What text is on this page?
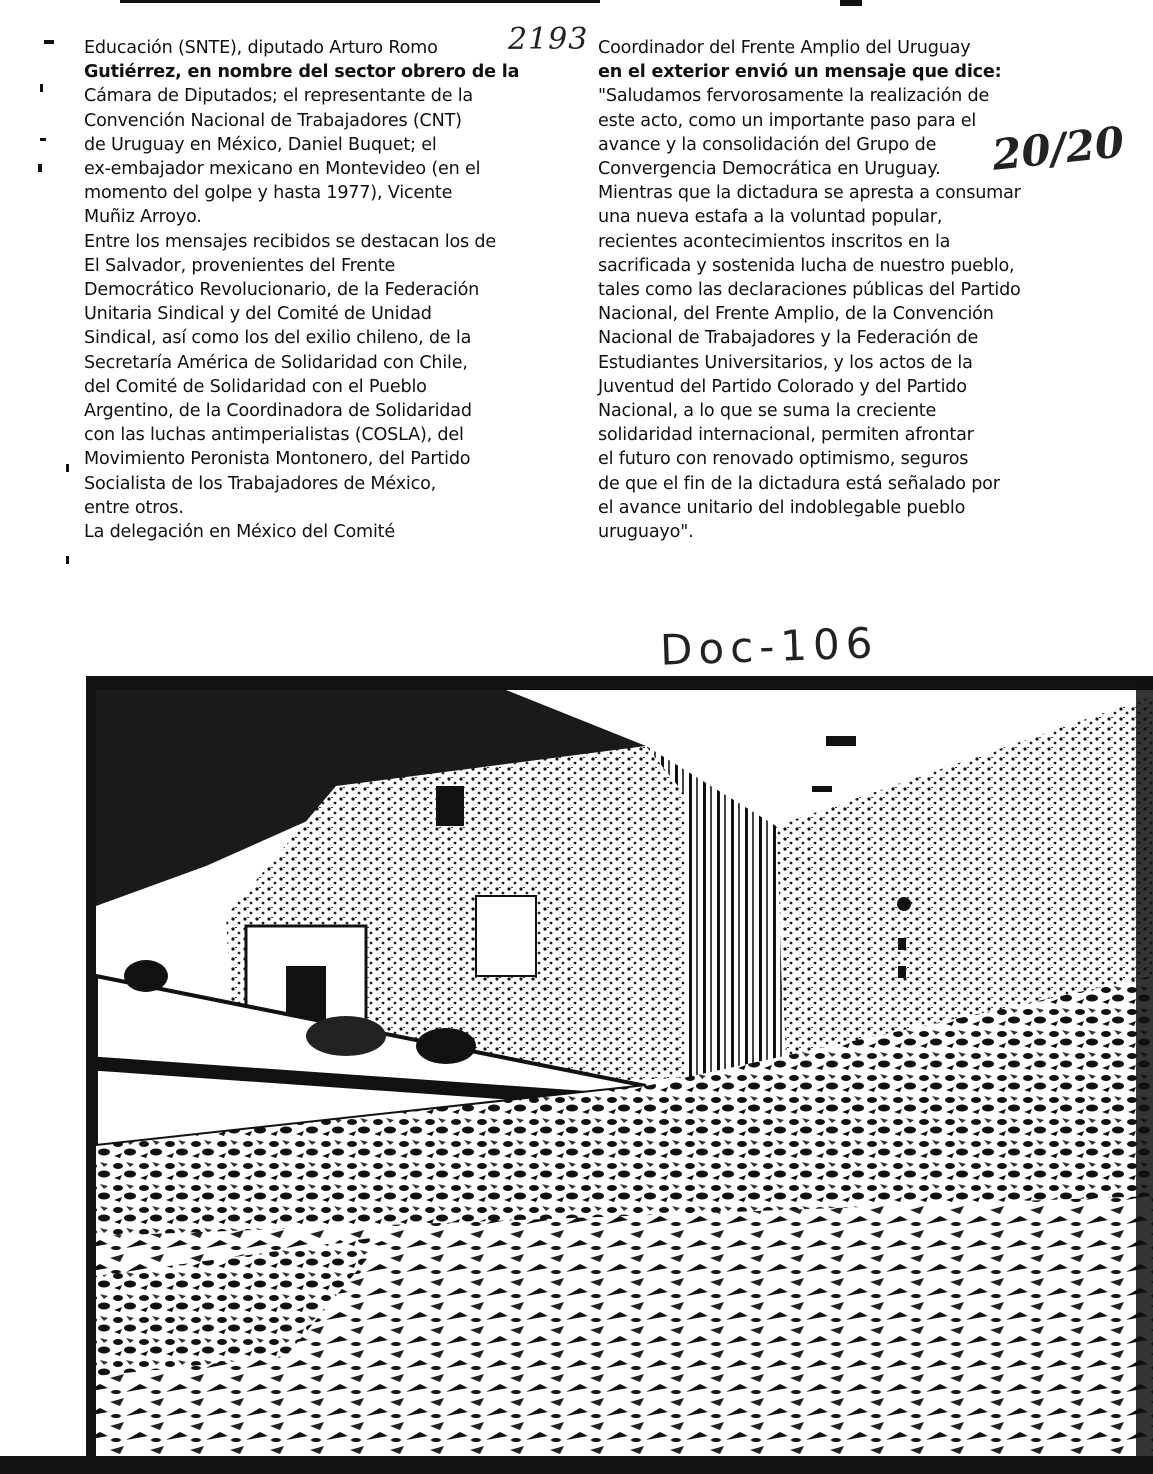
2193
20/20
Doc-106
Educación (SNTE), diputado Arturo Romo
Gutiérrez, en nombre del sector obrero de la
Cámara de Diputados; el representante de la
Convención Nacional de Trabajadores (CNT)
de Uruguay en México, Daniel Buquet; el
ex-embajador mexicano en Montevideo (en el
momento del golpe y hasta 1977), Vicente
Muñiz Arroyo.
Entre los mensajes recibidos se destacan los de
El Salvador, provenientes del Frente
Democrático Revolucionario, de la Federación
Unitaria Sindical y del Comité de Unidad
Sindical, así como los del exilio chileno, de la
Secretaría América de Solidaridad con Chile,
del Comité de Solidaridad con el Pueblo
Argentino, de la Coordinadora de Solidaridad
con las luchas antimperialistas (COSLA), del
Movimiento Peronista Montonero, del Partido
Socialista de los Trabajadores de México,
entre otros.
La delegación en México del Comité
Coordinador del Frente Amplio del Uruguay
en el exterior envió un mensaje que dice:
"Saludamos fervorosamente la realización de
este acto, como un importante paso para el
avance y la consolidación del Grupo de
Convergencia Democrática en Uruguay.
Mientras que la dictadura se apresta a consumar
una nueva estafa a la voluntad popular,
recientes acontecimientos inscritos en la
sacrificada y sostenida lucha de nuestro pueblo,
tales como las declaraciones públicas del Partido
Nacional, del Frente Amplio, de la Convención
Nacional de Trabajadores y la Federación de
Estudiantes Universitarios, y los actos de la
Juventud del Partido Colorado y del Partido
Nacional, a lo que se suma la creciente
solidaridad internacional, permiten afrontar
el futuro con renovado optimismo, seguros
de que el fin de la dictadura está señalado por
el avance unitario del indoblegable pueblo
uruguayo".
